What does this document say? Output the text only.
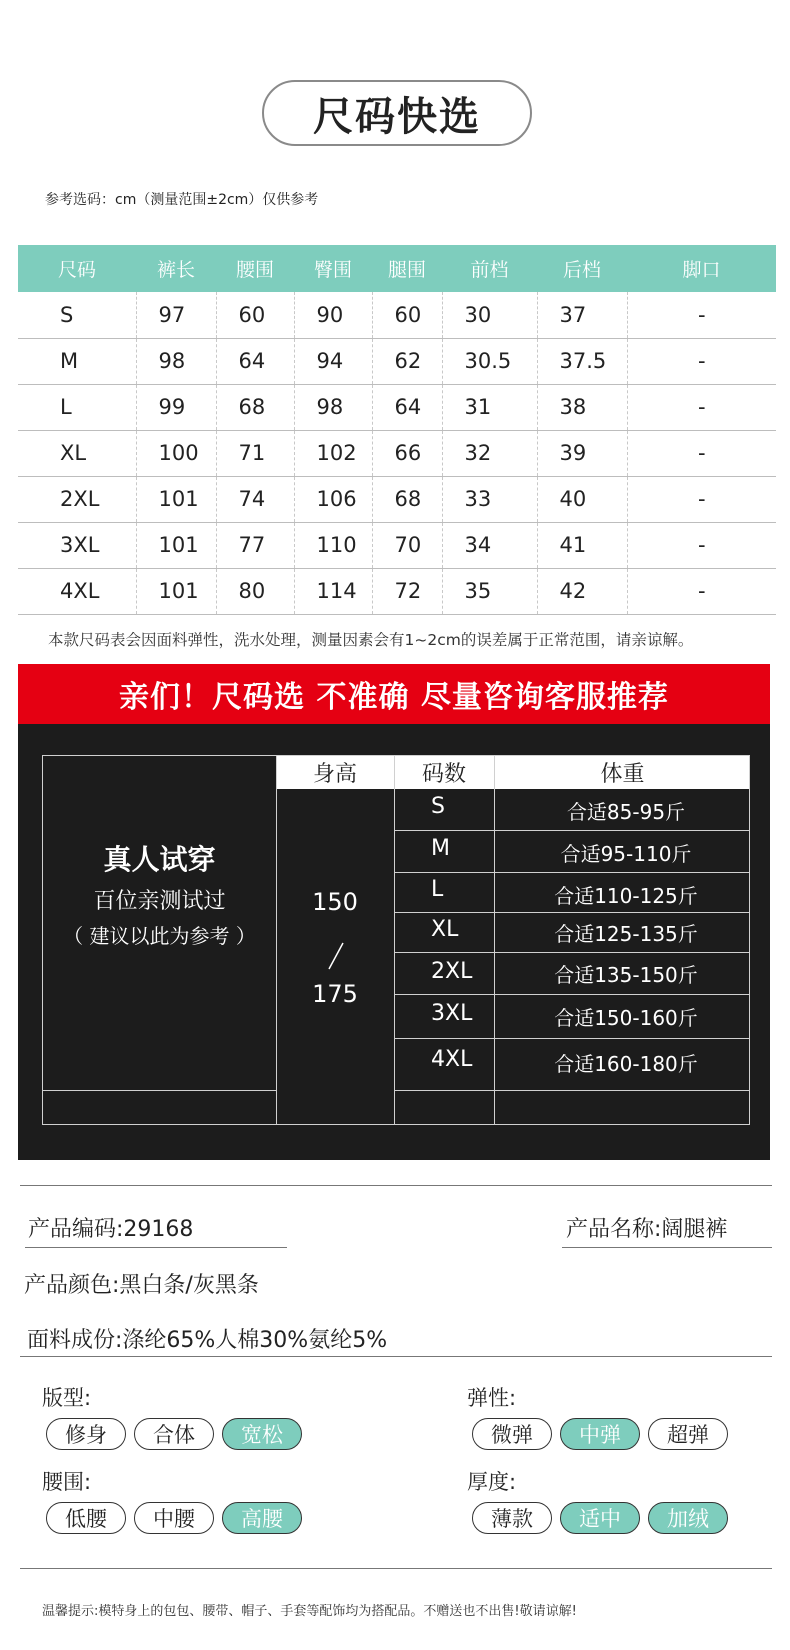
尺码快选
参考选码：cm（测量范围±2cm）仅供参考
尺码	裤长	腰围	臀围	腿围	前档	后档	脚口
S	97	60	90	60	30	37	-
M	98	64	94	62	30.5	37.5	-
L	99	68	98	64	31	38	-
XL	100	71	102	66	32	39	-
2XL	101	74	106	68	33	40	-
3XL	101	77	110	70	34	41	-
4XL	101	80	114	72	35	42	-
本款尺码表会因面料弹性，洗水处理，测量因素会有1~2cm的误差属于正常范围，请亲谅解。
亲们！尺码选 不准确 尽量咨询客服推荐
身高	码数	体重
真人试穿
百位亲测试过
（ 建议以此为参考 ）
150
175
S	合适85-95斤
M	合适95-110斤
L	合适110-125斤
XL	合适125-135斤
2XL	合适135-150斤
3XL	合适150-160斤
4XL	合适160-180斤
产品编码:29168	产品名称:阔腿裤
产品颜色:黑白条/灰黑条
面料成份:涤纶65%人棉30%氨纶5%
版型:
修身	合体	宽松
弹性:
微弹	中弹	超弹
腰围:
低腰	中腰	高腰
厚度:
薄款	适中	加绒
温馨提示:模特身上的包包、腰带、帽子、手套等配饰均为搭配品。不赠送也不出售!敬请谅解!
